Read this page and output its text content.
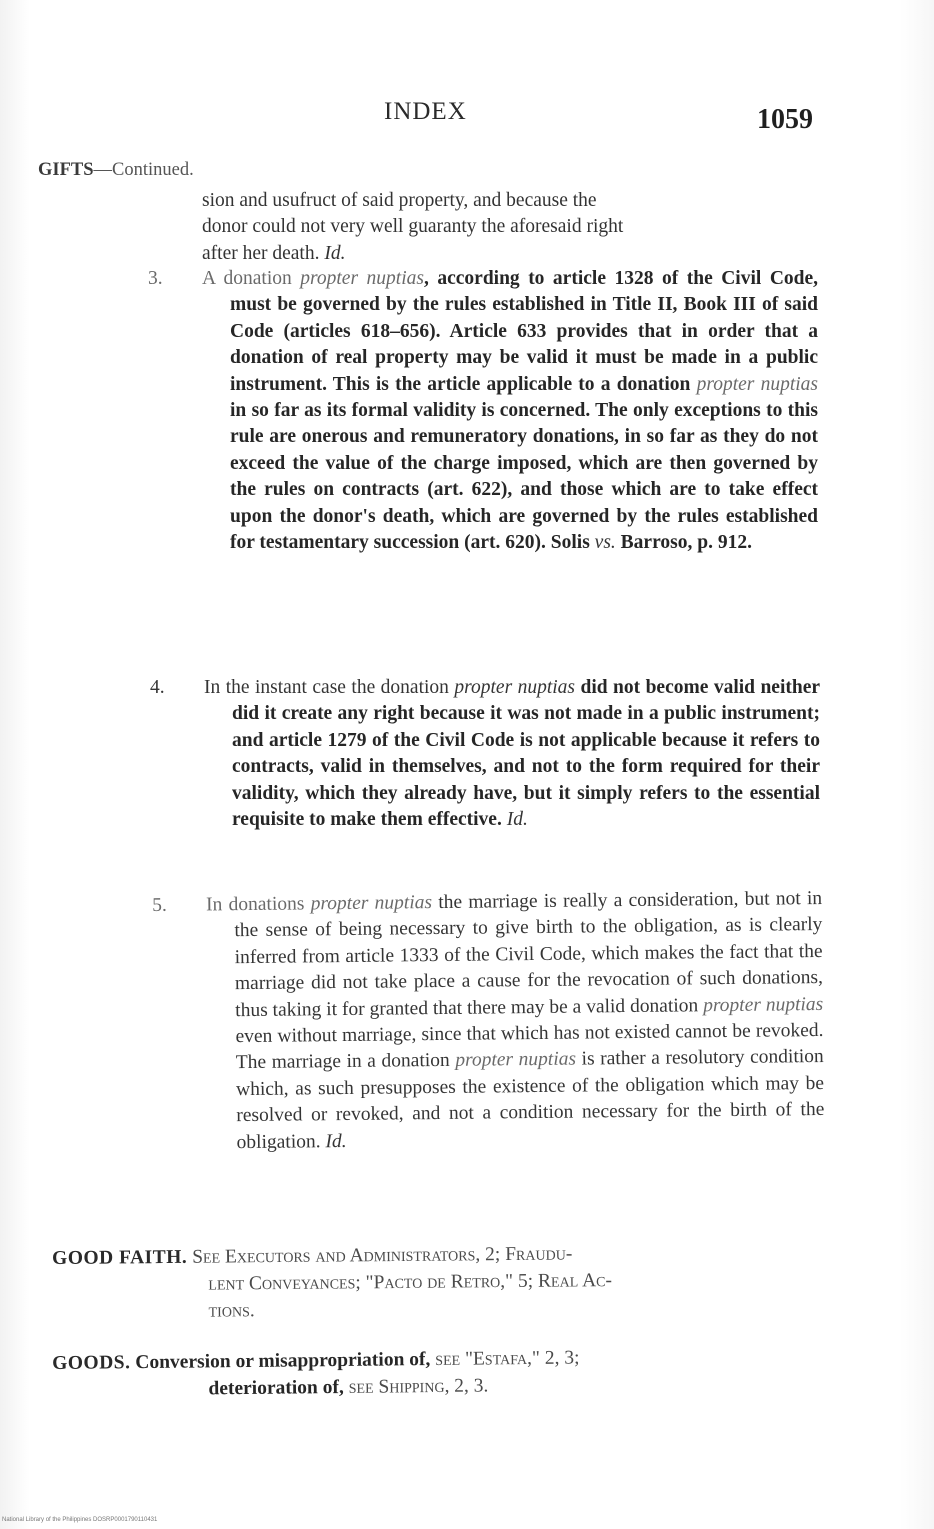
INDEX	1059
GIFTS—Continued.
sion and usufruct of said property, and because the
donor could not very well guaranty the aforesaid right
after her death. Id.
3. A donation propter nuptias, according to article 1328 of the Civil Code, must be governed by the rules established in Title II, Book III of said Code (articles 618–656). Article 633 provides that in order that a donation of real property may be valid it must be made in a public instrument. This is the article applicable to a donation propter nuptias in so far as its formal validity is concerned. The only exceptions to this rule are onerous and remuneratory donations, in so far as they do not exceed the value of the charge imposed, which are then governed by the rules on contracts (art. 622), and those which are to take effect upon the donor's death, which are governed by the rules established for testamentary succession (art. 620). Solis vs. Barroso, p. 912.
4. In the instant case the donation propter nuptias did not become valid neither did it create any right because it was not made in a public instrument; and article 1279 of the Civil Code is not applicable because it refers to contracts, valid in themselves, and not to the form required for their validity, which they already have, but it simply refers to the essential requisite to make them effective. Id.
5. In donations propter nuptias the marriage is really a consideration, but not in the sense of being necessary to give birth to the obligation, as is clearly inferred from article 1333 of the Civil Code, which makes the fact that the marriage did not take place a cause for the revocation of such donations, thus taking it for granted that there may be a valid donation propter nuptias even without marriage, since that which has not existed cannot be revoked. The marriage in a donation propter nuptias is rather a resolutory condition which, as such presupposes the existence of the obligation which may be resolved or revoked, and not a condition necessary for the birth of the obligation. Id.
GOOD FAITH. See Executors and Administrators, 2; Fraudu-
lent Conveyances; "Pacto de Retro," 5; Real Ac-
tions.
GOODS. Conversion or misappropriation of, see "Estafa," 2, 3;
deterioration of, see Shipping, 2, 3.
National Library of the Philippines DOSRP0001790110431
